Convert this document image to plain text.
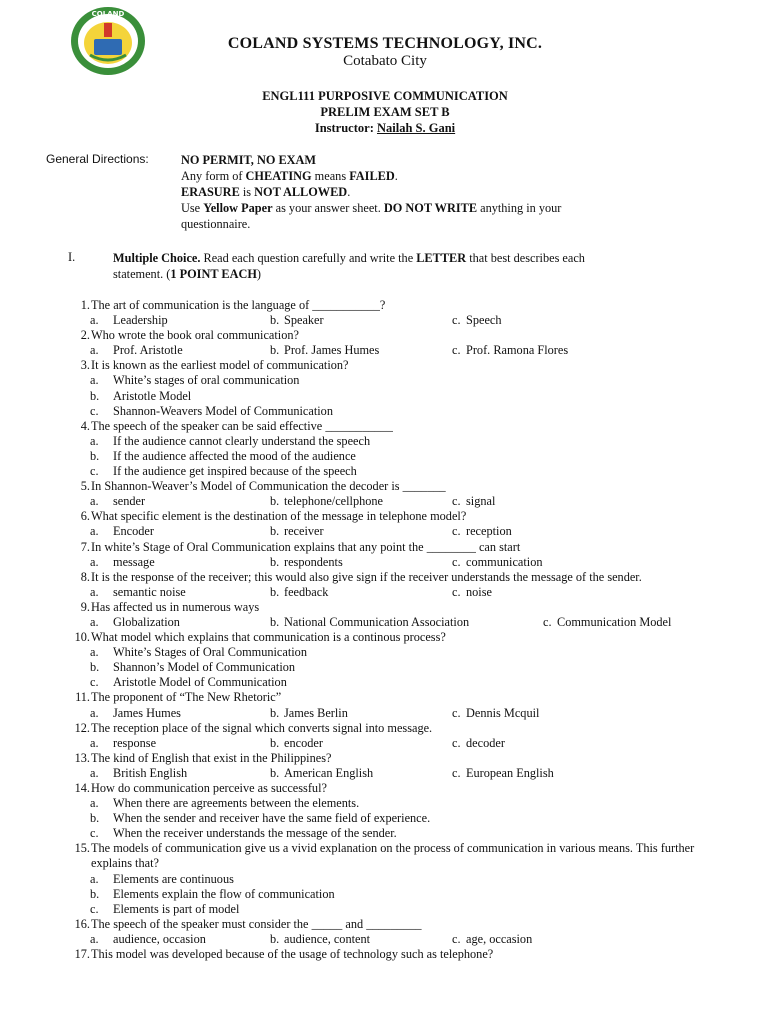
COLAND
COLAND SYSTEMS TECHNOLOGY, INC.
Cotabato City
ENGL111 PURPOSIVE COMMUNICATION
PRELIM EXAM SET B
Instructor: Nailah S. Gani
General Directions:	NO PERMIT, NO EXAM
Any form of CHEATING means FAILED.
ERASURE is NOT ALLOWED.
Use Yellow Paper as your answer sheet. DO NOT WRITE anything in your
questionnaire.
I.	Multiple Choice. Read each question carefully and write the LETTER that best describes each
statement. (1 POINT EACH)
1. The art of communication is the language of ___________?
a. Leadership	b. Speaker	c. Speech
2. Who wrote the book oral communication?
a. Prof. Aristotle	b. Prof. James Humes	c. Prof. Ramona Flores
3. It is known as the earliest model of communication?
a.	White’s stages of oral communication
b.	Aristotle Model
c.	Shannon-Weavers Model of Communication
4. The speech of the speaker can be said effective ___________
a.	If the audience cannot clearly understand the speech
b.	If the audience affected the mood of the audience
c.	If the audience get inspired because of the speech
5. In Shannon-Weaver’s Model of Communication the decoder is _______
a. sender	b. telephone/cellphone	c. signal
6. What specific element is the destination of the message in telephone model?
a. Encoder	b. receiver	c. reception
7. In white’s Stage of Oral Communication explains that any point the ________ can start
a. message	b. respondents	c. communication
8. It is the response of the receiver; this would also give sign if the receiver understands the message of the sender.
a. semantic noise	b. feedback	c. noise
9. Has affected us in numerous ways
a. Globalization	b. National Communication Association	c. Communication Model
10. What model which explains that communication is a continous process?
a.	White’s Stages of Oral Communication
b.	Shannon’s Model of Communication
c.	Aristotle Model of Communication
11. The proponent of “The New Rhetoric”
a. James Humes	b. James Berlin	c. Dennis Mcquil
12. The reception place of the signal which converts signal into message.
a. response	b. encoder	c. decoder
13. The kind of English that exist in the Philippines?
a. British English	b. American English	c. European English
14. How do communication perceive as successful?
a.	When there are agreements between the elements.
b.	When the sender and receiver have the same field of experience.
c.	When the receiver understands the message of the sender.
15. The models of communication give us a vivid explanation on the process of communication in various means. This further explains that?
a.	Elements are continuous
b.	Elements explain the flow of communication
c.	Elements is part of model
16. The speech of the speaker must consider the _____ and _________
a. audience, occasion	b. audience, content	c. age, occasion
17. This model was developed because of the usage of technology such as telephone?
